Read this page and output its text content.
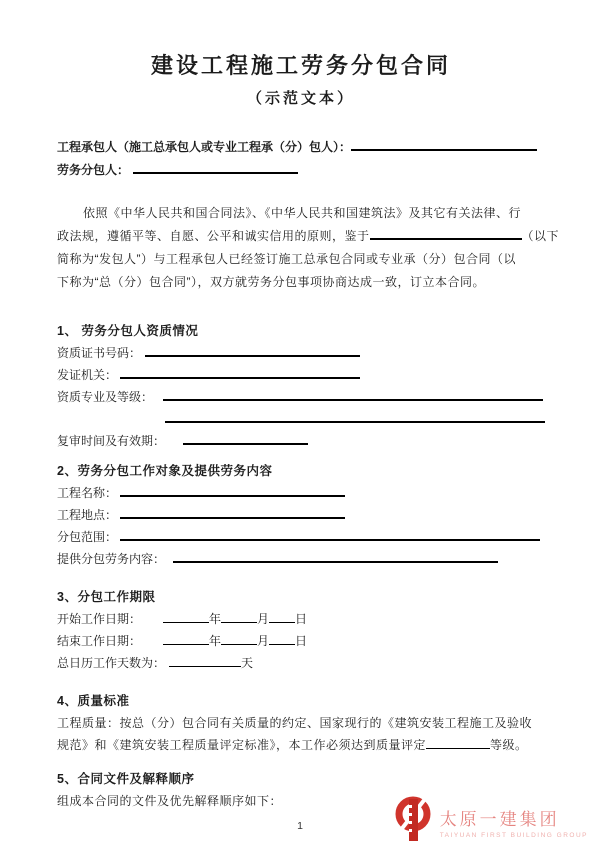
建设工程施工劳务分包合同
（示范文本）
工程承包人（施工总承包人或专业工程承（分）包人）：
劳务分包人：
依照《中华人民共和国合同法》、《中华人民共和国建筑法》及其它有关法律、行
政法规，遵循平等、自愿、公平和诚实信用的原则，鉴于	（以下
简称为“发包人”）与工程承包人已经签订施工总承包合同或专业承（分）包合同（以
下称为“总（分）包合同”），双方就劳务分包事项协商达成一致，订立本合同。
1、 劳务分包人资质情况
资质证书号码：
发证机关：
资质专业及等级：
复审时间及有效期：
2、劳务分包工作对象及提供劳务内容
工程名称：
工程地点：
分包范围：
提供分包劳务内容：
3、分包工作期限
开始工作日期：	年	月 日
结束工作日期：	年	月 日
总日历工作天数为：	天
4、质量标准
工程质量：按总（分）包合同有关质量的约定、国家现行的《建筑安装工程施工及验收
规范》和《建筑安装工程质量评定标准》，本工作必须达到质量评定	等级。
5、合同文件及解释顺序
组成本合同的文件及优先解释顺序如下：
1	太原一建集团
TAIYUAN FIRST BUILDING GROUP
